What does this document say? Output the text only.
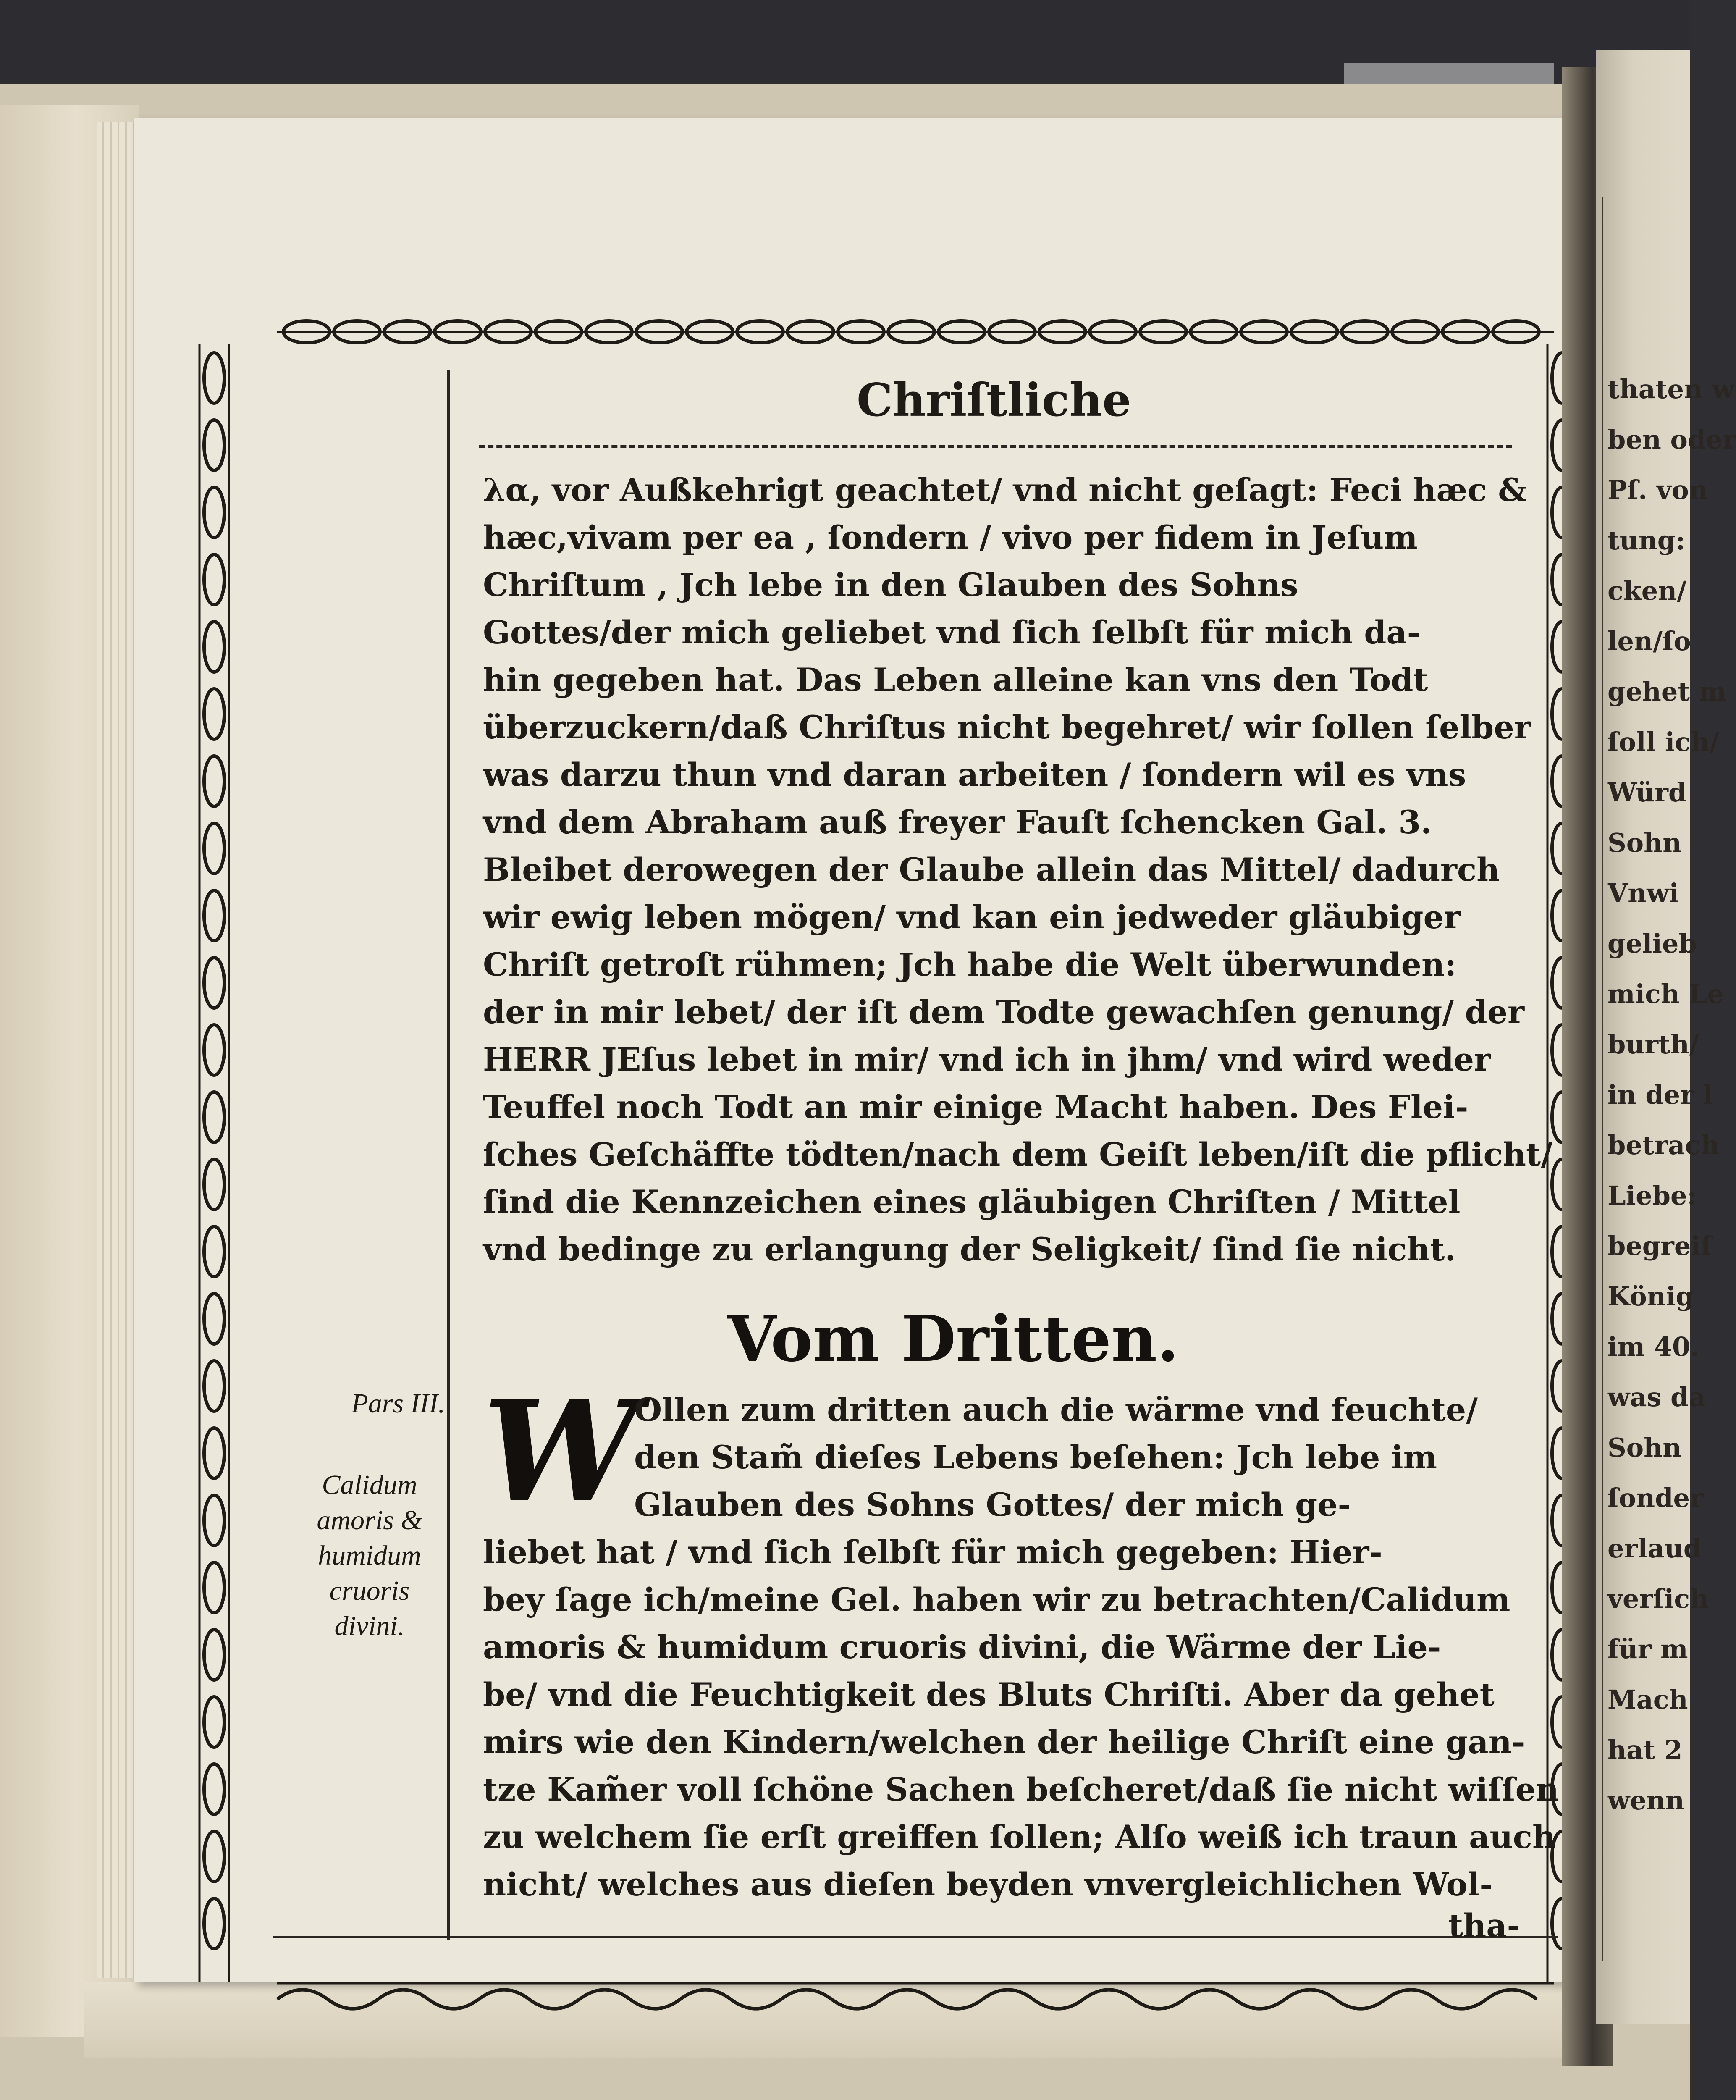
Chriſtliche
λα, vor Außkehrigt geachtet/ vnd nicht geſagt: Feci hæc &
hæc,vivam per ea , ſondern / vivo per fidem in Jeſum
Chriſtum , Jch lebe in den Glauben des Sohns
Gottes/der mich geliebet vnd ſich ſelbſt für mich da-
hin gegeben hat. Das Leben alleine kan vns den Todt
überzuckern/daß Chriſtus nicht begehret/ wir ſollen ſelber
was darzu thun vnd daran arbeiten / ſondern wil es vns
vnd dem Abraham auß freyer Fauſt ſchencken Gal. 3.
Bleibet derowegen der Glaube allein das Mittel/ dadurch
wir ewig leben mögen/ vnd kan ein jedweder gläubiger
Chriſt getroſt rühmen; Jch habe die Welt überwunden:
der in mir lebet/ der iſt dem Todte gewachſen genung/ der
HERR JEſus lebet in mir/ vnd ich in jhm/ vnd wird weder
Teuffel noch Todt an mir einige Macht haben. Des Flei-
ſches Geſchäffte tödten/nach dem Geiſt leben/iſt die pflicht/
ſind die Kennzeichen eines gläubigen Chriſten / Mittel
vnd bedinge zu erlangung der Seligkeit/ ſind ſie nicht.
Vom Dritten.
W
Ollen zum dritten auch die wärme vnd feuchte/
den Stam̃ dieſes Lebens beſehen: Jch lebe im
Glauben des Sohns Gottes/ der mich ge-
liebet hat / vnd ſich ſelbſt für mich gegeben: Hier-
bey ſage ich/meine Gel. haben wir zu betrachten/Calidum
amoris & humidum cruoris divini, die Wärme der Lie-
be/ vnd die Feuchtigkeit des Bluts Chriſti. Aber da gehet
mirs wie den Kindern/welchen der heilige Chriſt eine gan-
tze Kam̃er voll ſchöne Sachen beſcheret/daß ſie nicht wiſſen
zu welchem ſie erſt greiffen ſollen; Alſo weiß ich traun auch
nicht/ welches aus dieſen beyden vnvergleichlichen Wol-
tha-
Pars III.
Calidum
amoris &
humidum
cruoris
divini.
thaten w
ben oder
Pſ. von
tung:
cken/
len/ſo
gehet m
ſoll ich/
Würd
Sohn
Vnwi
gelieb
mich Le
burth/
in der l
betrach
Liebe:
begreiſ
König
im 40.
was da
Sohn
ſonder
erlaud
verſich
für m
Mach
hat 2
wenn
